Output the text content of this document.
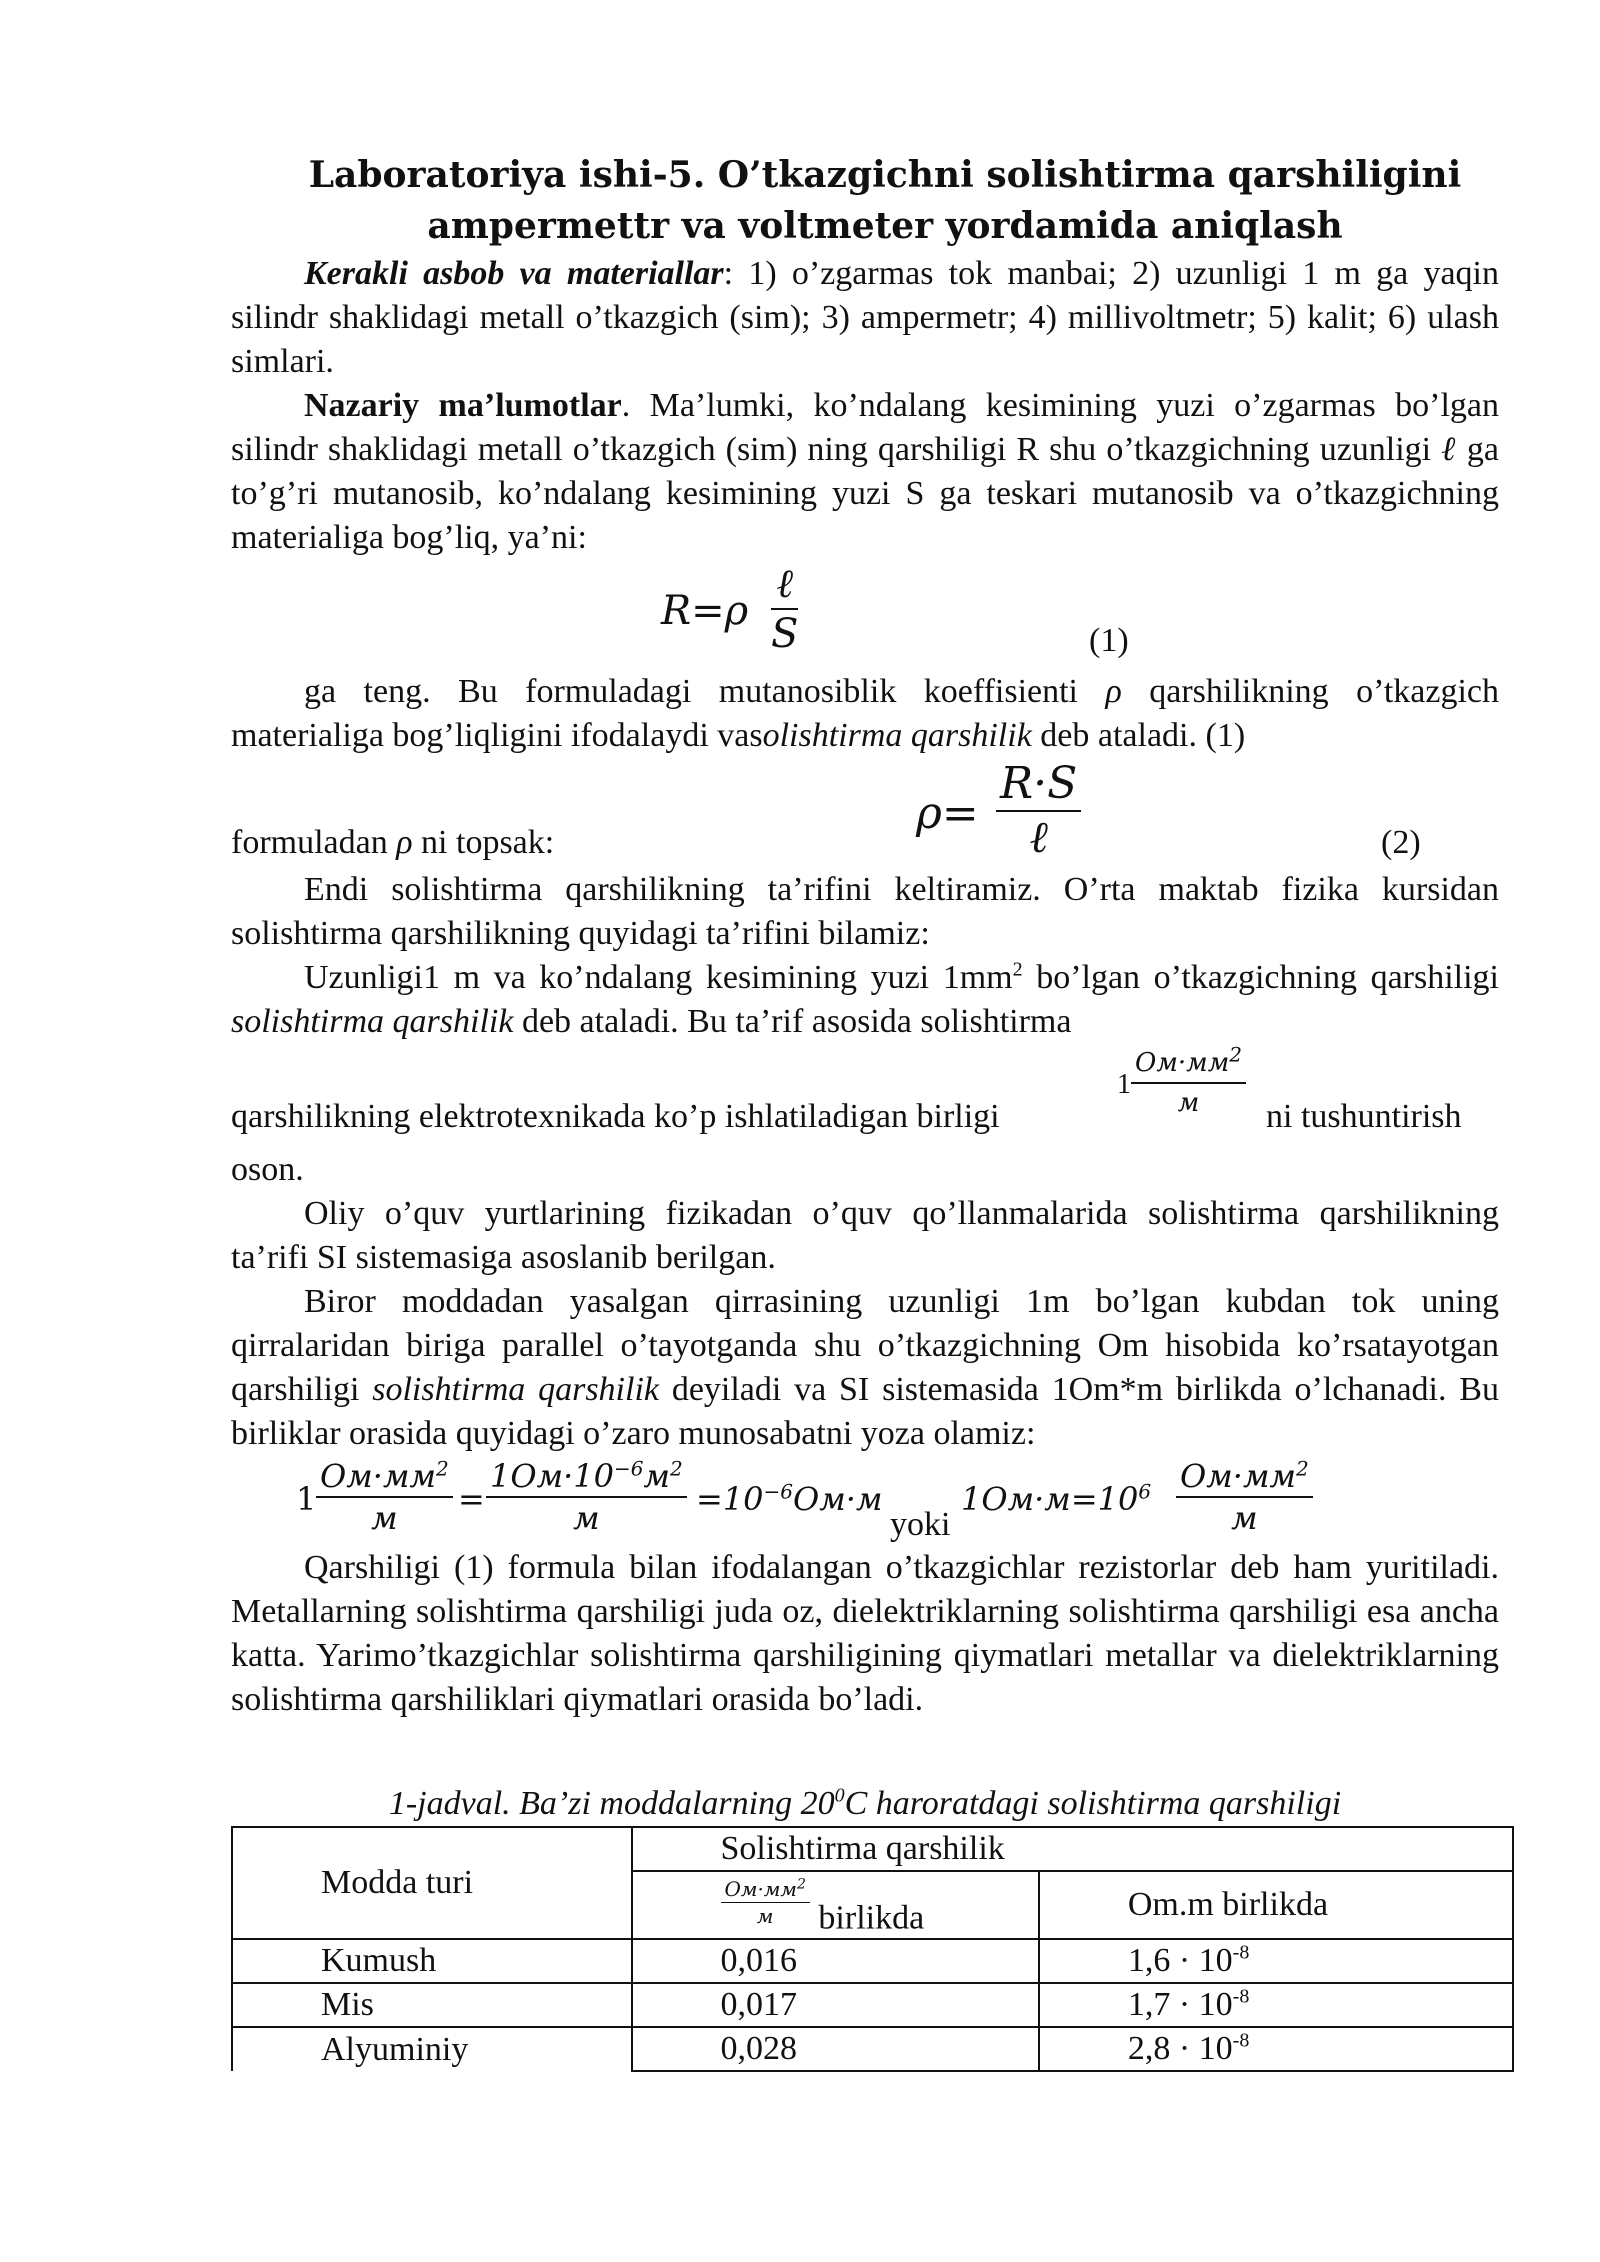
Laboratoriya ishi-5. O’tkazgichni solishtirma qarshiligini
ampermettr va voltmeter yordamida aniqlash

Kerakli asbob va materiallar: 1) o’zgarmas tok manbai; 2) uzunligi 1 m ga yaqin silindr shaklidagi metall o’tkazgich (sim); 3) ampermetr; 4) millivoltmetr; 5) kalit; 6) ulash simlari.

Nazariy ma’lumotlar. Ma’lumki, ko’ndalang kesimining yuzi o’zgarmas bo’lgan silindr shaklidagi metall o’tkazgich (sim) ning qarshiligi R shu o’tkazgichning uzunligi ℓ ga to’g’ri mutanosib, ko’ndalang kesimining yuzi S ga teskari mutanosib va o’tkazgichning materialiga bog’liq, ya’ni:

R=ρ
ℓ
S	(1)

ga teng. Bu formuladagi mutanosiblik koeffisienti ρ qarshilikning o’tkazgich materialiga bog’liqligini ifodalaydi vasolishtirma qarshilik deb ataladi. (1)

formuladan ρ ni topsak:
ρ=
R·S
ℓ	(2)

Endi solishtirma qarshilikning ta’rifini keltiramiz. O’rta maktab fizika kursidan solishtirma qarshilikning quyidagi ta’rifini bilamiz:

Uzunligi1 m va ko’ndalang kesimining yuzi $1mm^2$ bo’lgan o’tkazgichning qarshiligi solishtirma qarshilik deb ataladi. Bu ta’rif asosida solishtirma

qarshilikning elektrotexnikada ko’p ishlatiladigan birligi
$1 \frac{Ом\cdot мм^2}{м}$ ni tushuntirish

oson.

Oliy o’quv yurtlarining fizikadan o’quv qo’llanmalarida solishtirma qarshilikning ta’rifi SI sistemasiga asoslanib berilgan.

Biror moddadan yasalgan qirrasining uzunligi 1m bo’lgan kubdan tok uning qirralaridan biriga parallel o’tayotganda shu o’tkazgichning Om hisobida ko’rsatayotgan qarshiligi solishtirma qarshilik deyiladi va SI sistemasida 1Om*m birlikda o’lchanadi. Bu birliklar orasida quyidagi o’zaro munosabatni yoza olamiz:

1
$Ом\cdot мм^2$
м	=
$1Ом\cdot 10^{-6}м^2$
м	$=10^{-6}Ом\cdot м$
yoki
$1Ом\cdot м=10^6$ $Ом\cdot мм^2$
м

Qarshiligi (1) formula bilan ifodalangan o’tkazgichlar rezistorlar deb ham yuritiladi. Metallarning solishtirma qarshiligi juda oz, dielektriklarning solishtirma qarshiligi esa ancha katta. Yarimo’tkazgichlar solishtirma qarshiligining qiymatlari metallar va dielektriklarning solishtirma qarshiliklari qiymatlari orasida bo’ladi.

1-jadval. Ba’zi moddalarning $20^0C$ haroratdagi solishtirma qarshiligi

Modda turi	Solishtirma qarshilik	

	$\frac{Ом\cdot мм^2}{м}$ birlikda	Om.m birlikda
Kumush	0,016	$1,6 \cdot 10^{-8}$
Mis	0,017	$1,7 \cdot 10^{-8}$
Alyuminiy	0,028	$2,8 \cdot 10^{-8}$
